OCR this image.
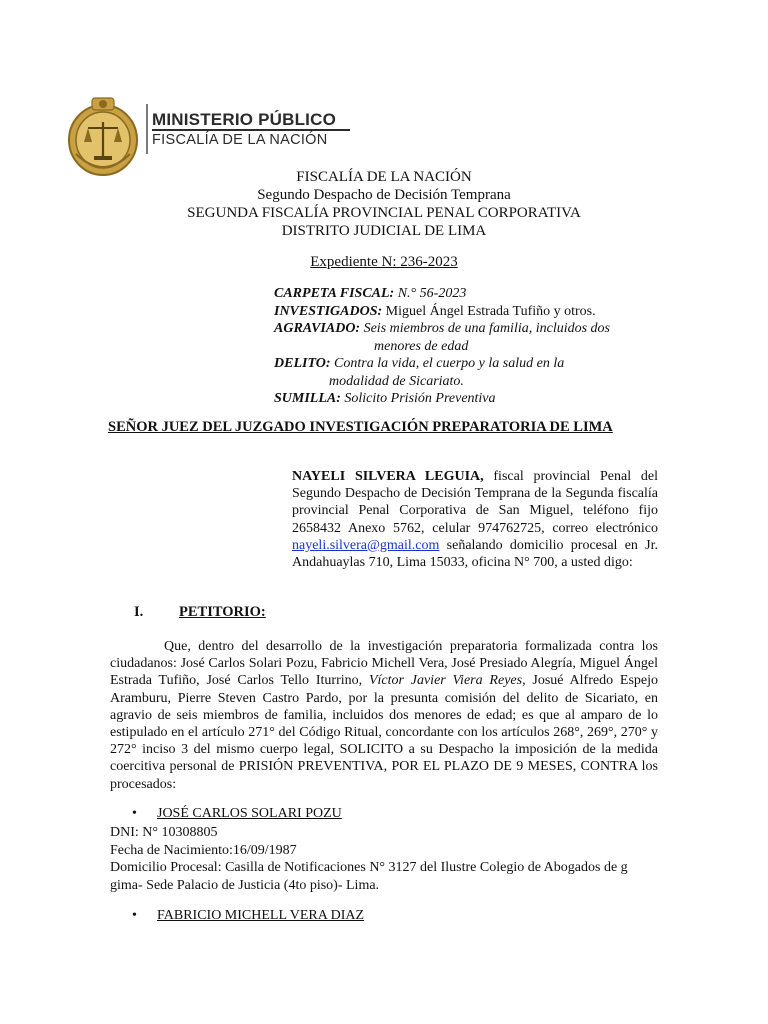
MINISTERIO PÚBLICO
FISCALÍA DE LA NACIÓN
FISCALÍA DE LA NACIÓN
Segundo Despacho de Decisión Temprana
SEGUNDA FISCALÍA PROVINCIAL PENAL CORPORATIVA
DISTRITO JUDICIAL DE LIMA
Expediente N: 236-2023
CARPETA FISCAL: N.° 56-2023
INVESTIGADOS: Miguel Ángel Estrada Tufiño y otros.
AGRAVIADO: Seis miembros de una familia, incluidos dos
menores de edad
DELITO: Contra la vida, el cuerpo y la salud en la
modalidad de Sicariato.
SUMILLA: Solicito Prisión Preventiva
SEÑOR JUEZ DEL JUZGADO INVESTIGACIÓN PREPARATORIA DE LIMA
NAYELI SILVERA LEGUIA, fiscal provincial Penal del Segundo Despacho de Decisión Temprana de la Segunda fiscalía provincial Penal Corporativa de San Miguel, teléfono fijo 2658432 Anexo 5762, celular 974762725, correo electrónico nayeli.silvera@gmail.com señalando domicilio procesal en Jr. Andahuaylas 710, Lima 15033, oficina N° 700, a usted digo:
I. PETITORIO:
Que, dentro del desarrollo de la investigación preparatoria formalizada contra los ciudadanos: José Carlos Solari Pozu, Fabricio Michell Vera, José Presiado Alegría, Miguel Ángel Estrada Tufiño, José Carlos Tello Iturrino, Víctor Javier Viera Reyes, Josué Alfredo Espejo Aramburu, Pierre Steven Castro Pardo, por la presunta comisión del delito de Sicariato, en agravio de seis miembros de familia, incluidos dos menores de edad; es que al amparo de lo estipulado en el artículo 271° del Código Ritual, concordante con los artículos 268°, 269°, 270° y 272° inciso 3 del mismo cuerpo legal, SOLICITO a su Despacho la imposición de la medida coercitiva personal de PRISIÓN PREVENTIVA, POR EL PLAZO DE 9 MESES, CONTRA los procesados:
• JOSÉ CARLOS SOLARI POZU
DNI: N° 10308805
Fecha de Nacimiento:16/09/1987
Domicilio Procesal: Casilla de Notificaciones N° 3127 del Ilustre Colegio de Abogados de g gima- Sede Palacio de Justicia (4to piso)- Lima.
• FABRICIO MICHELL VERA DIAZ
